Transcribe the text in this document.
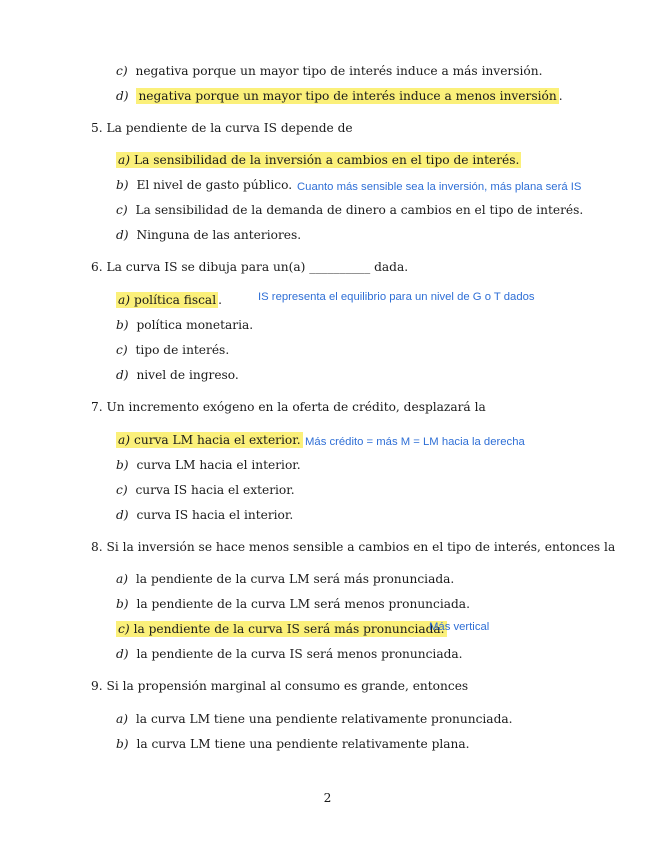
c) negativa porque un mayor tipo de interés induce a más inversión.
d) negativa porque un mayor tipo de interés induce a menos inversión .
5. La pendiente de la curva IS depende de
a) La sensibilidad de la inversión a cambios en el tipo de interés.
b) El nivel de gasto público. Cuanto más sensible sea la inversión, más plana será IS
c) La sensibilidad de la demanda de dinero a cambios en el tipo de interés.
d) Ninguna de las anteriores.
6. La curva IS se dibuja para un(a) __________ dada.
a) política fiscal .	IS representa el equilibrio para un nivel de G o T dados
b) política monetaria.
c) tipo de interés.
d) nivel de ingreso.
7. Un incremento exógeno en la oferta de crédito, desplazará la
a) curva LM hacia el exterior. Más crédito = más M = LM hacia la derecha
b) curva LM hacia el interior.
c) curva IS hacia el exterior.
d) curva IS hacia el interior.
8. Si la inversión se hace menos sensible a cambios en el tipo de interés, entonces la
a) la pendiente de la curva LM será más pronunciada.
b) la pendiente de la curva LM será menos pronunciada.
c) la pendiente de la curva IS será más pronunciada.
Más vertical
d) la pendiente de la curva IS será menos pronunciada.
9. Si la propensión marginal al consumo es grande, entonces
a) la curva LM tiene una pendiente relativamente pronunciada.
b) la curva LM tiene una pendiente relativamente plana.
2
